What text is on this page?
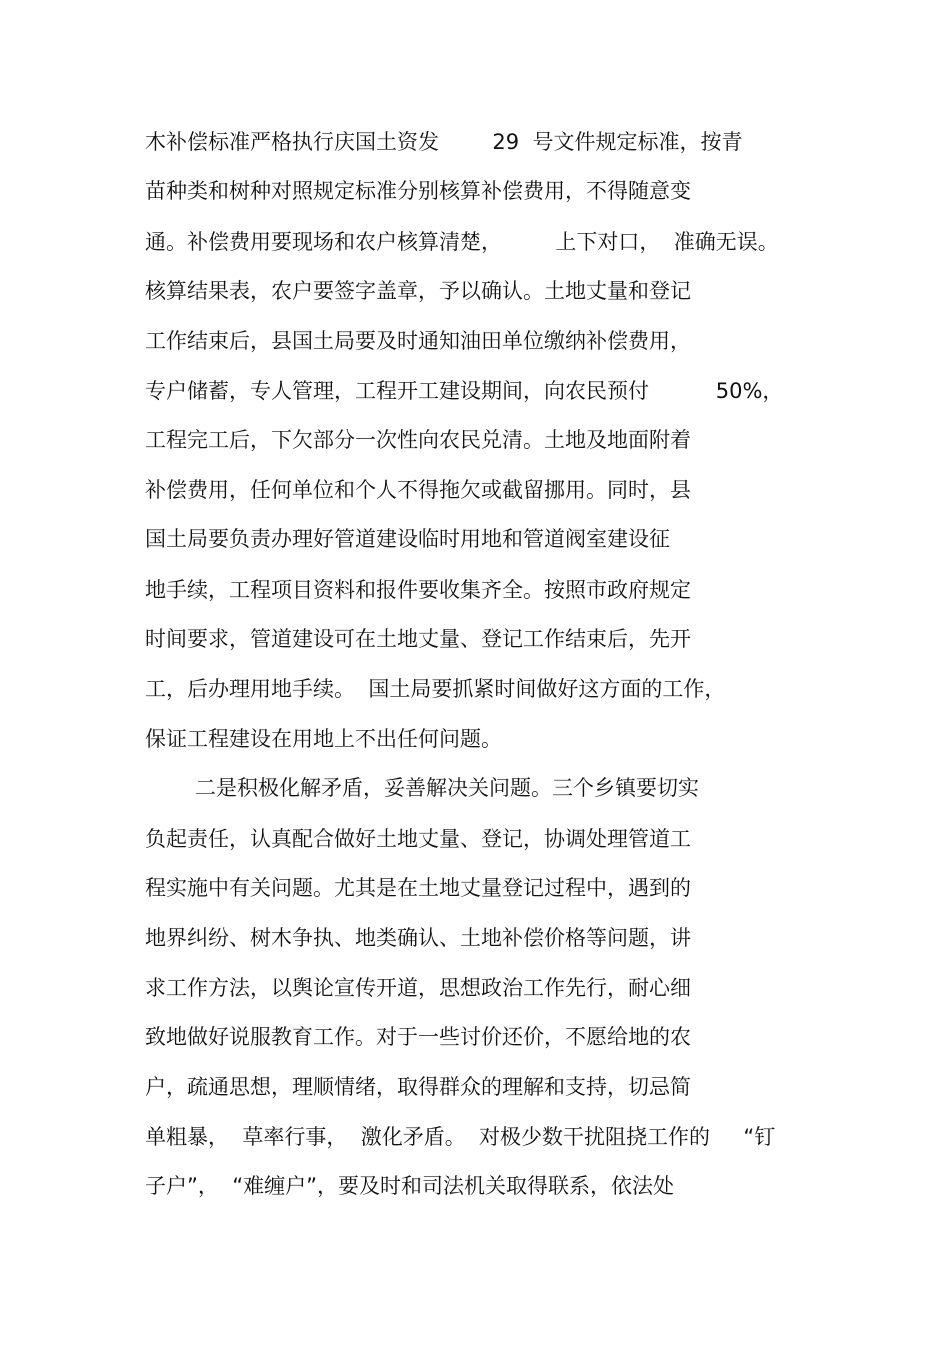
木补偿标准严格执行庆国土资发        29  号文件规定标准，按青
苗种类和树种对照规定标准分别核算补偿费用，不得随意变
通。补偿费用要现场和农户核算清楚，        上下对口，  准确无误。
核算结果表，农户要签字盖章，予以确认。土地丈量和登记
工作结束后，县国土局要及时通知油田单位缴纳补偿费用，
专户储蓄，专人管理，工程开工建设期间，向农民预付          50%，
工程完工后，下欠部分一次性向农民兑清。土地及地面附着
补偿费用，任何单位和个人不得拖欠或截留挪用。同时，县
国土局要负责办理好管道建设临时用地和管道阀室建设征
地手续，工程项目资料和报件要收集齐全。按照市政府规定
时间要求，管道建设可在土地丈量、登记工作结束后，先开
工，后办理用地手续。  国土局要抓紧时间做好这方面的工作，
保证工程建设在用地上不出任何问题。
二是积极化解矛盾，妥善解决关问题。三个乡镇要切实
负起责任，认真配合做好土地丈量、登记，协调处理管道工
程实施中有关问题。尤其是在土地丈量登记过程中，遇到的
地界纠纷、树木争执、地类确认、土地补偿价格等问题，讲
求工作方法，以舆论宣传开道，思想政治工作先行，耐心细
致地做好说服教育工作。对于一些讨价还价，不愿给地的农
户，疏通思想，理顺情绪，取得群众的理解和支持，切忌简
单粗暴，  草率行事，  激化矛盾。  对极少数干扰阻挠工作的     “钉
子户”，  “难缠户”，要及时和司法机关取得联系，依法处
